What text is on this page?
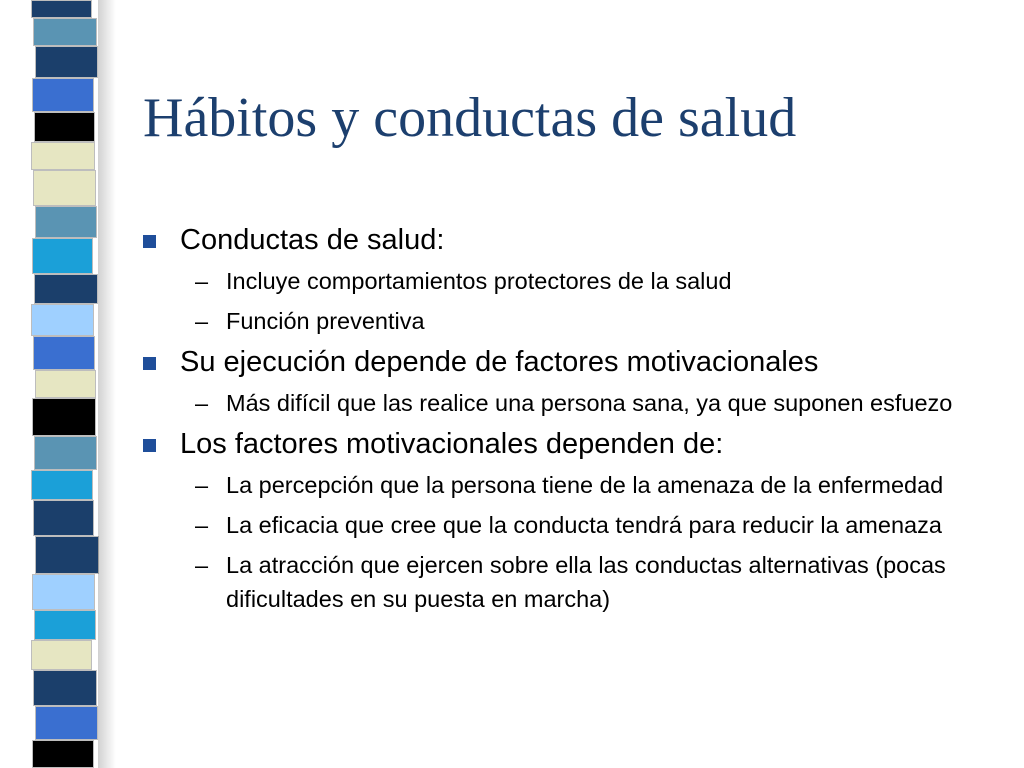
Hábitos y conductas de salud
Conductas de salud:
– Incluye comportamientos protectores de la salud
– Función preventiva
Su ejecución depende de factores motivacionales
– Más difícil que las realice una persona sana, ya que suponen esfuezo
Los factores motivacionales dependen de:
– La percepción que la persona tiene de la amenaza de la enfermedad
– La eficacia que cree que la conducta tendrá para reducir la amenaza
– La atracción que ejercen sobre ella las conductas alternativas (pocas dificultades en su puesta en marcha)
